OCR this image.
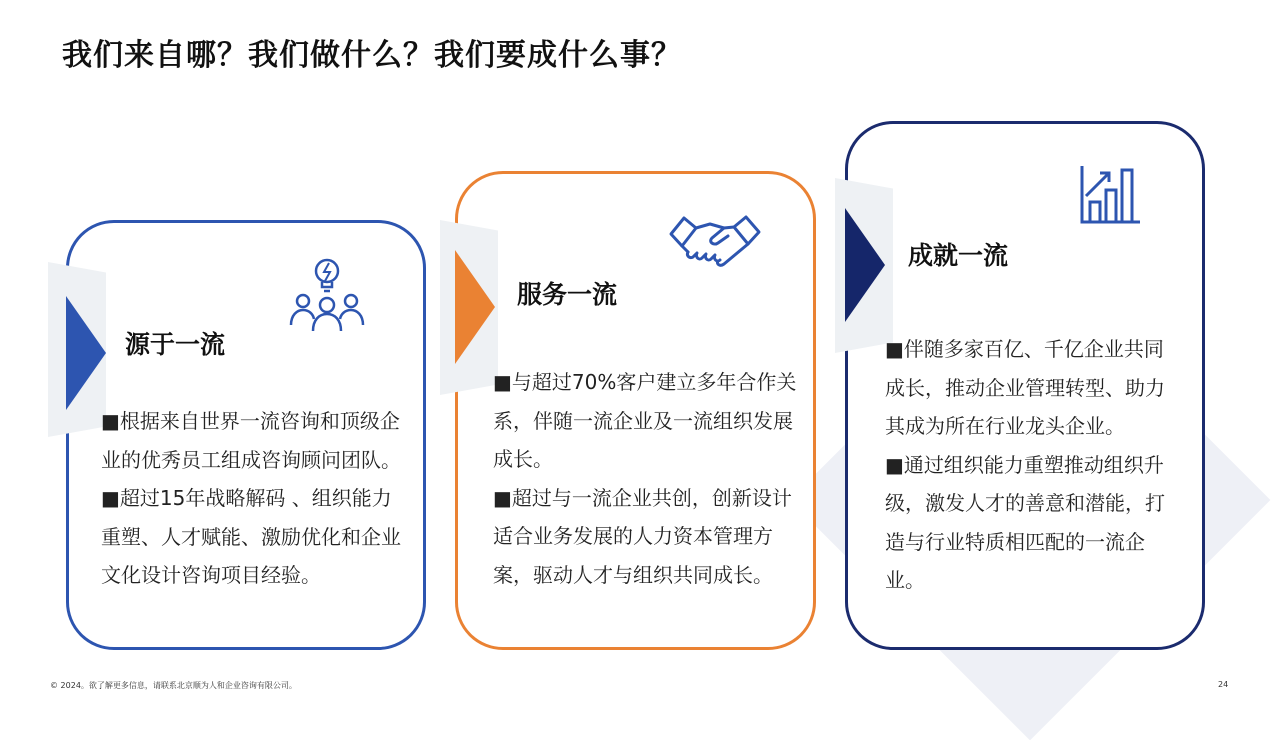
我们来自哪？我们做什么？我们要成什么事？
源于一流

■根据来自世界一流咨询和顶级企业的优秀员工组成咨询顾问团队。

■超过15年战略解码 、组织能力重塑、人才赋能、激励优化和企业文化设计咨询项目经验。

服务一流

■与超过70%客户建立多年合作关系，伴随一流企业及一流组织发展成长。

■超过与一流企业共创，创新设计适合业务发展的人力资本管理方案，驱动人才与组织共同成长。

成就一流

■伴随多家百亿、千亿企业共同成长，推动企业管理转型、助力其成为所在行业龙头企业。

■通过组织能力重塑推动组织升级，激发人才的善意和潜能，打造与行业特质相匹配的一流企业。

© 2024。欲了解更多信息，请联系北京顺为人和企业咨询有限公司。	24
